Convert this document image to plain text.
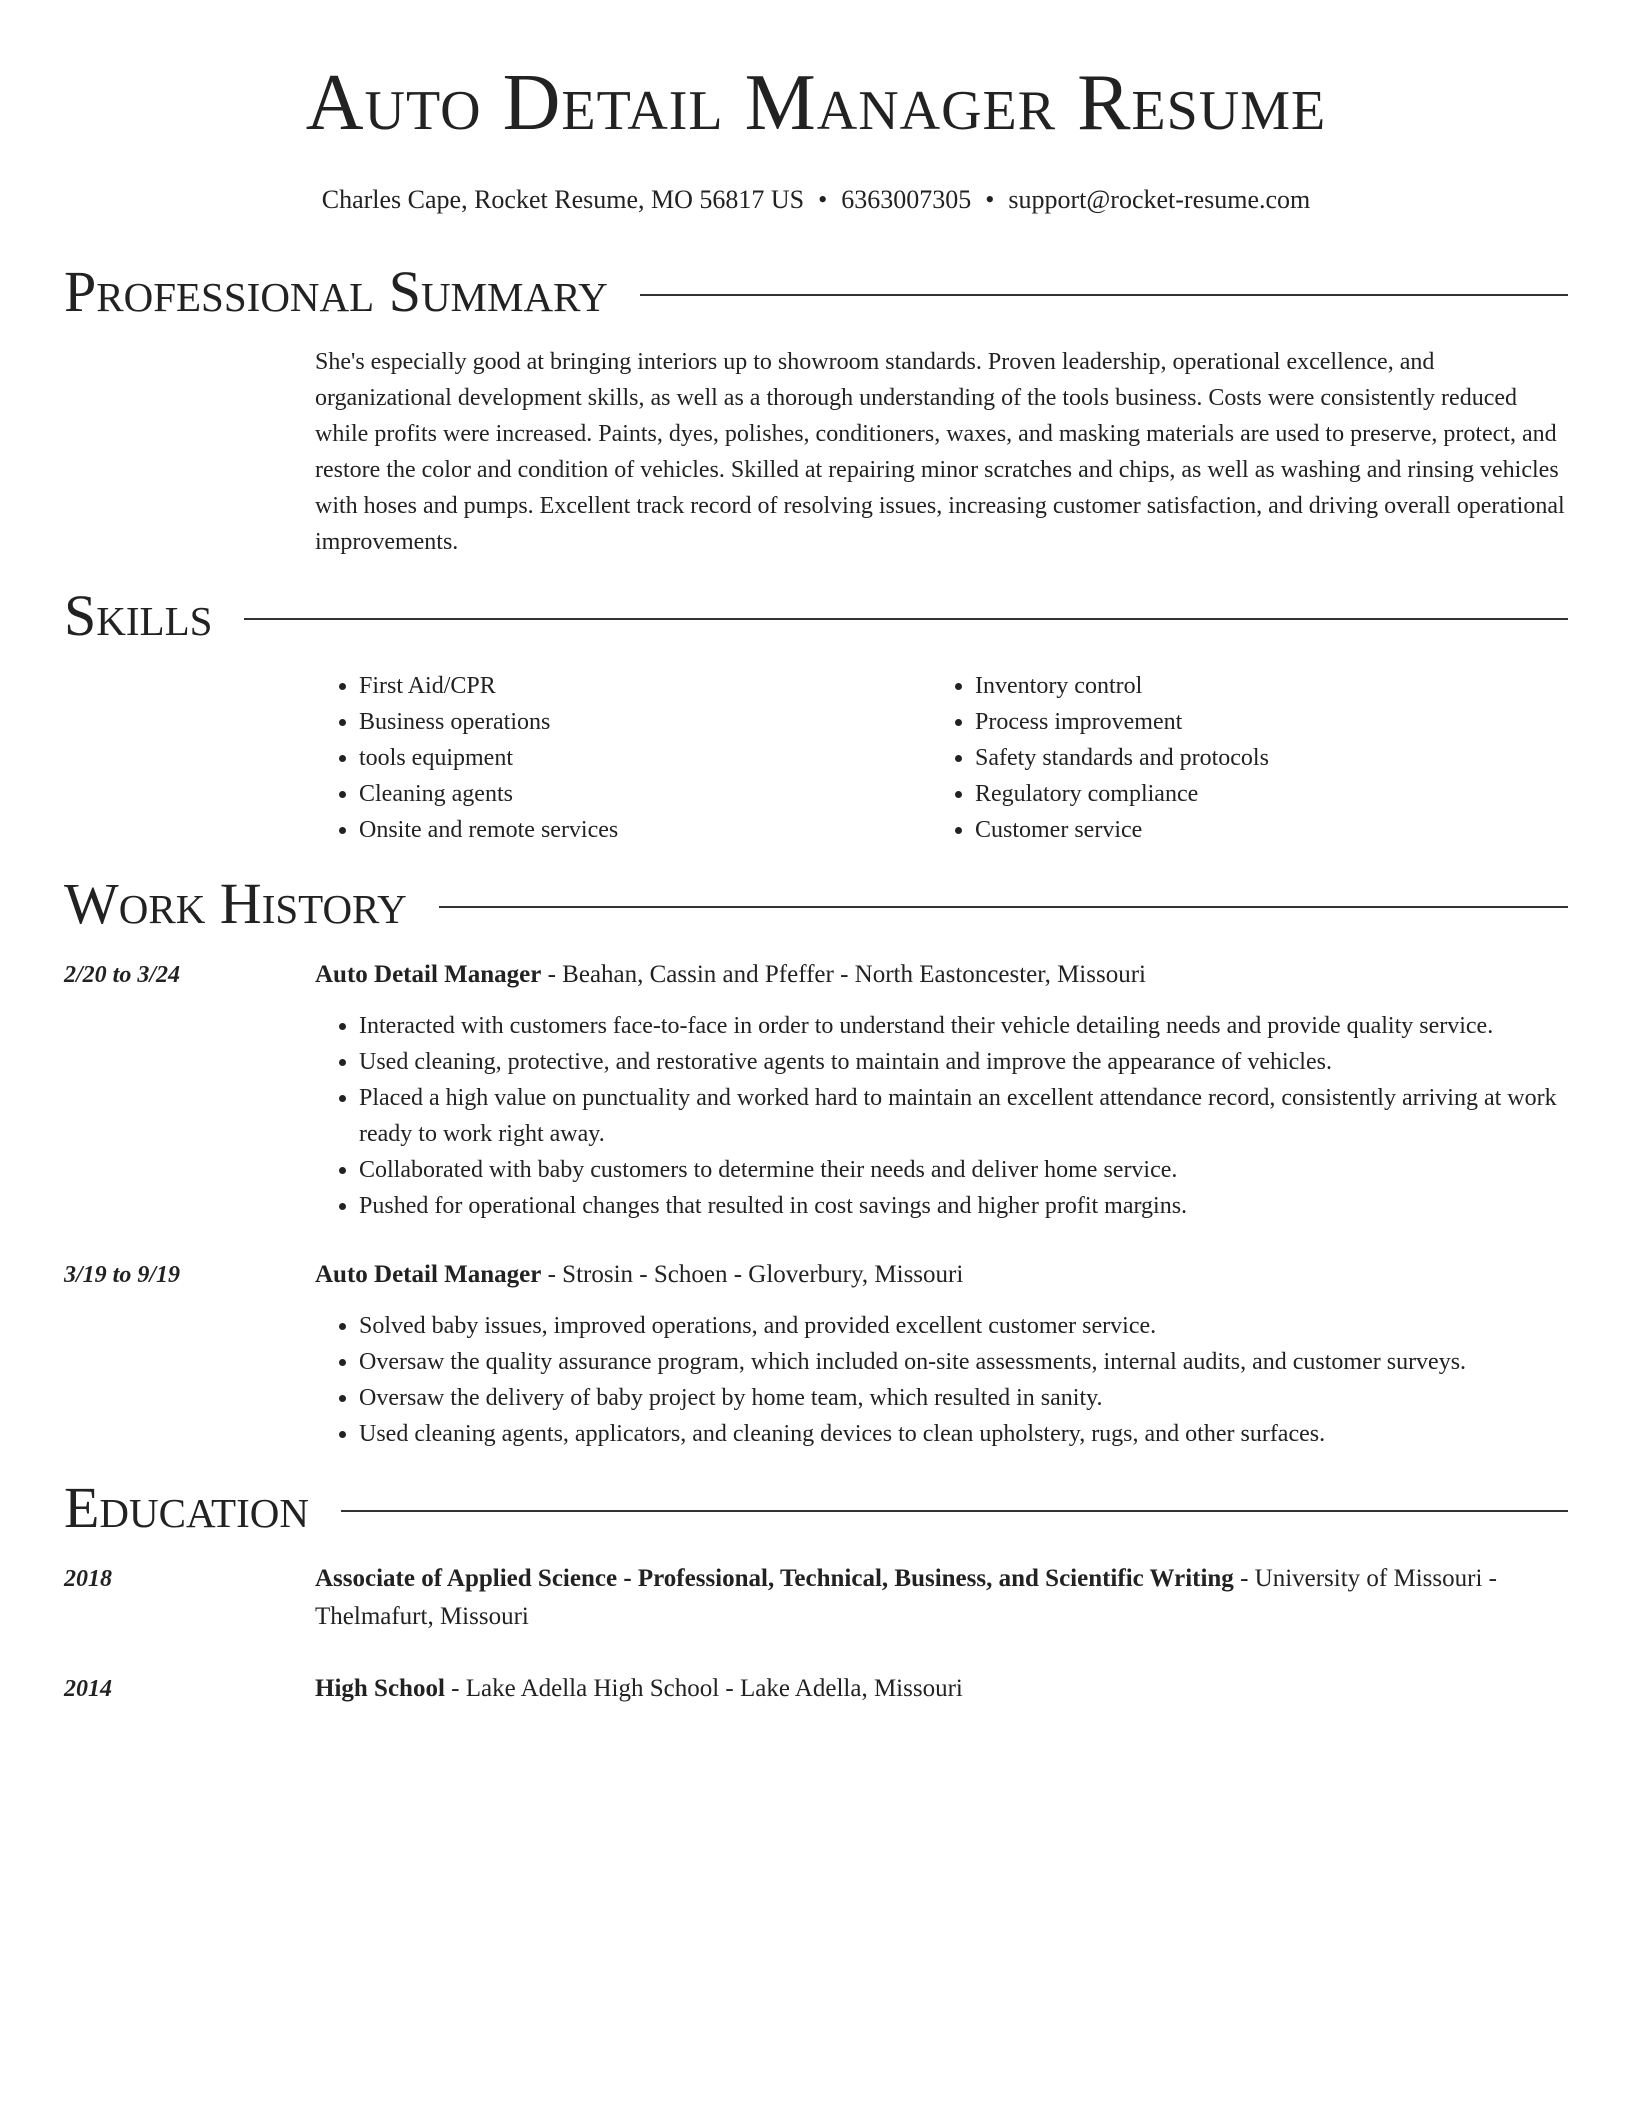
Auto Detail Manager Resume
Charles Cape, Rocket Resume, MO 56817 US • 6363007305 • support@rocket-resume.com
Professional Summary

She's especially good at bringing interiors up to showroom standards. Proven leadership, operational excellence, and organizational development skills, as well as a thorough understanding of the tools business. Costs were consistently reduced while profits were increased. Paints, dyes, polishes, conditioners, waxes, and masking materials are used to preserve, protect, and restore the color and condition of vehicles. Skilled at repairing minor scratches and chips, as well as washing and rinsing vehicles with hoses and pumps. Excellent track record of resolving issues, increasing customer satisfaction, and driving overall operational improvements.

Skills
• First Aid/CPR
• Business operations
• tools equipment
• Cleaning agents
• Onsite and remote services
• Inventory control
• Process improvement
• Safety standards and protocols
• Regulatory compliance
• Customer service
Work History
2/20 to 3/24	Auto Detail Manager - Beahan, Cassin and Pfeffer - North Eastoncester, Missouri
• Interacted with customers face-to-face in order to understand their vehicle detailing needs and provide quality service.
• Used cleaning, protective, and restorative agents to maintain and improve the appearance of vehicles.
• Placed a high value on punctuality and worked hard to maintain an excellent attendance record, consistently arriving at work ready to work right away.
• Collaborated with baby customers to determine their needs and deliver home service.
• Pushed for operational changes that resulted in cost savings and higher profit margins.
3/19 to 9/19	Auto Detail Manager - Strosin - Schoen - Gloverbury, Missouri
• Solved baby issues, improved operations, and provided excellent customer service.
• Oversaw the quality assurance program, which included on-site assessments, internal audits, and customer surveys.
• Oversaw the delivery of baby project by home team, which resulted in sanity.
• Used cleaning agents, applicators, and cleaning devices to clean upholstery, rugs, and other surfaces.
Education
2018	Associate of Applied Science - Professional, Technical, Business, and Scientific Writing - University of Missouri - Thelmafurt, Missouri
2014	High School - Lake Adella High School - Lake Adella, Missouri
